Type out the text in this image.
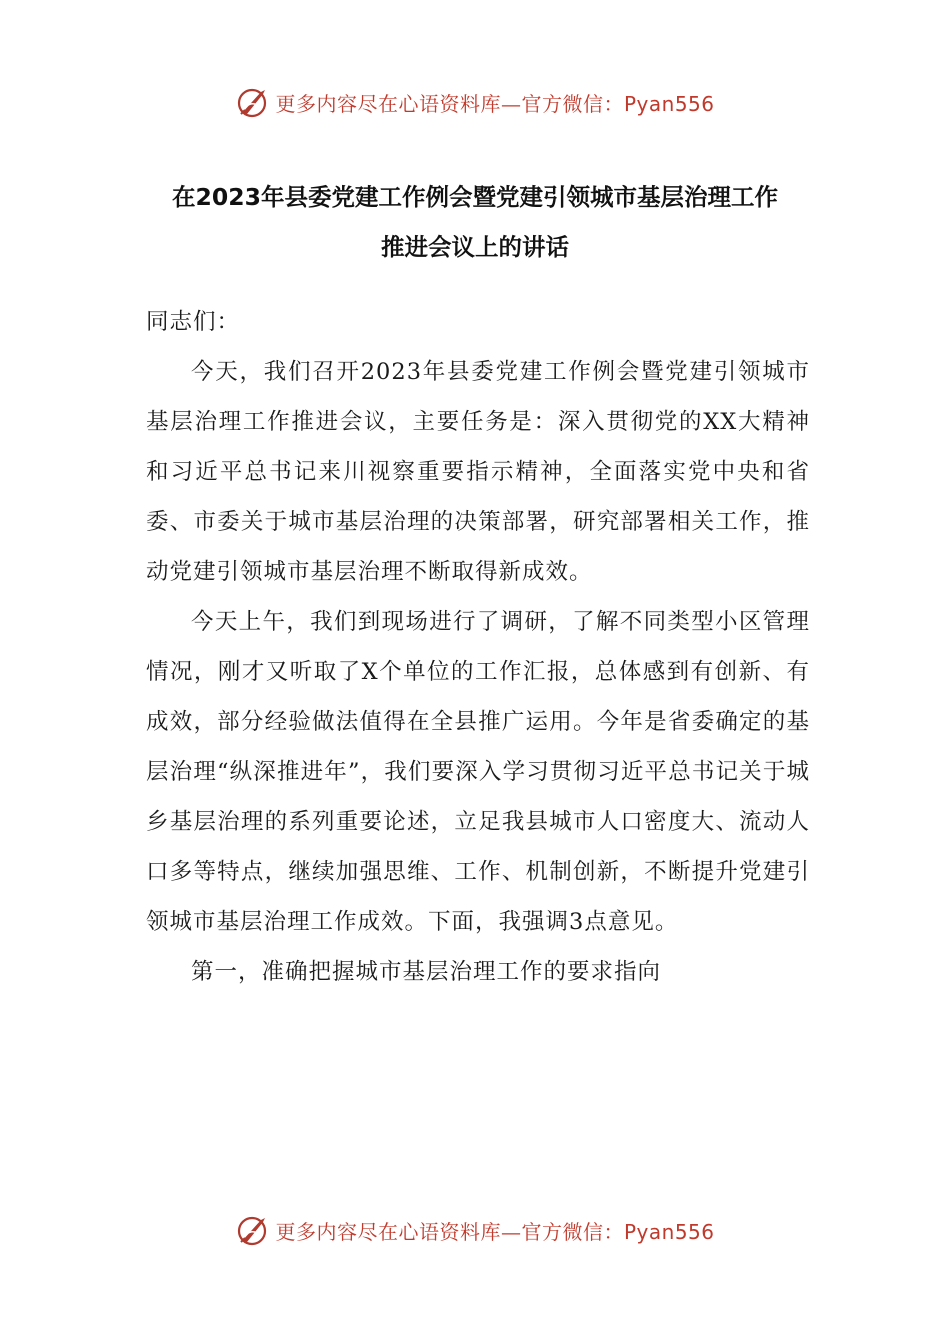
更多内容尽在心语资料库—官方微信：Pyan556
在2023年县委党建工作例会暨党建引领城市基层治理工作
推进会议上的讲话

同志们：

今天，我们召开2023年县委党建工作例会暨党建引领城市基层治理工作推进会议，主要任务是：深入贯彻党的XX大精神和习近平总书记来川视察重要指示精神，全面落实党中央和省委、市委关于城市基层治理的决策部署，研究部署相关工作，推动党建引领城市基层治理不断取得新成效。

今天上午，我们到现场进行了调研，了解不同类型小区管理情况，刚才又听取了X个单位的工作汇报，总体感到有创新、有成效，部分经验做法值得在全县推广运用。今年是省委确定的基层治理“纵深推进年”，我们要深入学习贯彻习近平总书记关于城乡基层治理的系列重要论述，立足我县城市人口密度大、流动人口多等特点，继续加强思维、工作、机制创新，不断提升党建引领城市基层治理工作成效。下面，我强调3点意见。

第一，准确把握城市基层治理工作的要求指向

更多内容尽在心语资料库—官方微信：Pyan556
